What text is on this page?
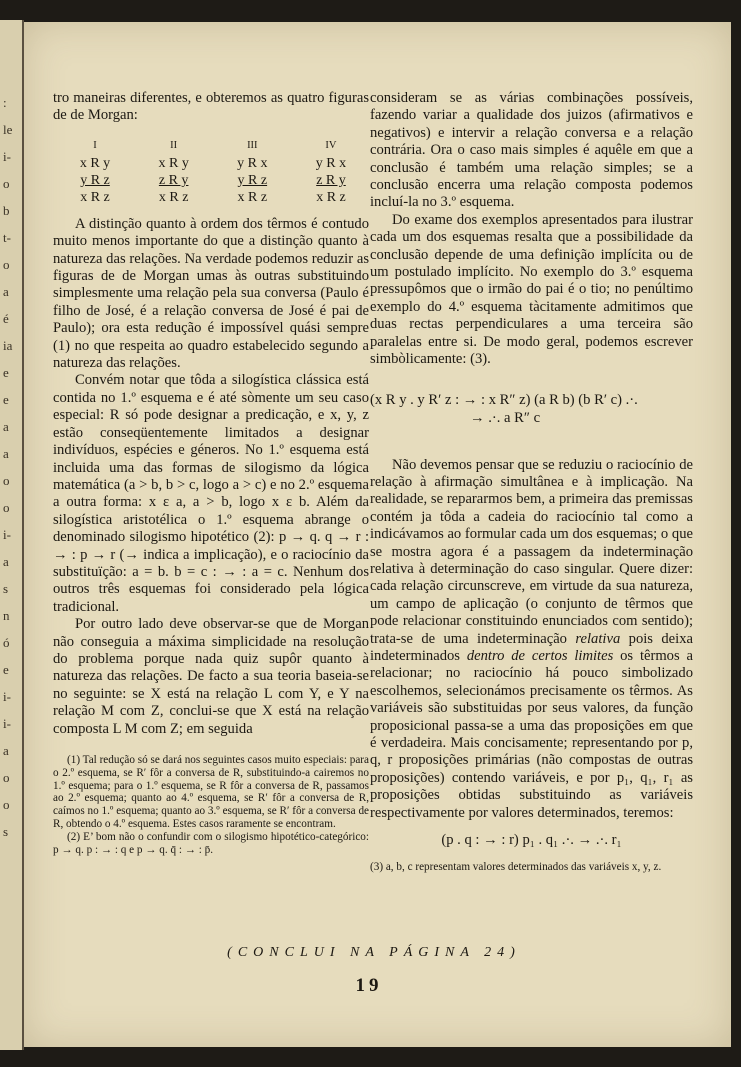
:
le
i-
o
b
t-
o
a
é
ia
e
e
a
a
o
o
i-
a
s
n
ó
e
i-
i-
a
o
o
s

tro maneiras diferentes, e obteremos as quatro figuras de de Morgan:

I
x R y
y R z
x R z
II
x R y
z R y
x R z
III
y R x
y R z
x R z
IV
y R x
z R y
x R z

A distinção quanto à ordem dos têrmos é contudo muito menos importante do que a distinção quanto à natureza das relações. Na verdade podemos reduzir as figuras de de Morgan umas às outras substituindo simplesmente uma relação pela sua conversa (Paulo é filho de José, é a relação conversa de José é pai de Paulo); ora esta redução é impossível quási sempre (1) no que respeita ao quadro estabelecido segundo a natureza das relações.

Convém notar que tôda a silogística clássica está contida no 1.º esquema e é até sòmente um seu caso especial: R só pode designar a predicação, e x, y, z estão conseqüentemente limitados a designar indivíduos, espécies e géneros. No 1.º esquema está incluida uma das formas de silogismo da lógica matemática (a > b, b > c, logo a > c) e no 2.º esquema a outra forma: x ε a, a > b, logo x ε b. Além da silogística aristotélica o 1.º esquema abrange o denominado silogismo hipotético (2): p → q. q → r : → : p → r (→ indica a implicação), e o raciocínio da substituïção: a = b. b = c : → : a = c. Nenhum dos outros três esquemas foi considerado pela lógica tradicional.

Por outro lado deve observar-se que de Morgan não conseguia a máxima simplicidade na resolução do problema porque nada quiz supôr quanto à natureza das relações. De facto a sua teoria baseia-se no seguinte: se X está na relação L com Y, e Y na relação M com Z, conclui-se que X está na relação composta L M com Z; em seguida

(1) Tal redução só se dará nos seguintes casos muito especiais: para o 2.º esquema, se R′ fôr a conversa de R, substituindo-a cairemos no 1.º esquema; para o 1.º esquema, se R fôr a conversa de R, passamos ao 2.º esquema; quanto ao 4.º esquema, se R′ fôr a conversa de R, caímos no 1.º esquema; quanto ao 3.º esquema, se R′ fôr a conversa de R, obtendo o 4.º esquema. Estes casos raramente se encontram.

(2) E’ bom não o confundir com o silogismo hipotético-categórico: p → q. p : → : q e p → q. q̄ : → : p̄.

consideram se as várias combinações possíveis, fazendo variar a qualidade dos juizos (afirmativos e negativos) e intervir a relação conversa e a relação contrária. Ora o caso mais simples é aquêle em que a conclusão é também uma relação simples; se a conclusão encerra uma relação composta podemos incluí-la no 3.º esquema.

Do exame dos exemplos apresentados para ilustrar cada um dos esquemas resalta que a possibilidade da conclusão depende de uma definição implícita ou de um postulado implícito. No exemplo do 3.º esquema pressupômos que o irmão do pai é o tio; no penúltimo exemplo do 4.º esquema tàcitamente admitimos que duas rectas perpendiculares a uma terceira são paralelas entre si. De modo geral, podemos escrever simbòlicamente: (3).

(x R y . y R′ z : → : x R″ z) (a R b) (b R′ c) .·.
→ .·. a R″ c

Não devemos pensar que se reduziu o raciocínio de relação à afirmação simultânea e à implicação. Na realidade, se repararmos bem, a primeira das premissas contém ja tôda a cadeia do raciocínio tal como a indicávamos ao formular cada um dos esquemas; o que se mostra agora é a passagem da indeterminação relativa à determinação do caso singular. Quere dizer: cada relação circunscreve, em virtude da sua natureza, um campo de aplicação (o conjunto de têrmos que pode relacionar constituindo enunciados com sentido); trata-se de uma indeterminação relativa pois deixa indeterminados dentro de certos limites os têrmos a relacionar; no raciocínio há pouco simbolizado escolhemos, selecionámos precisamente os têrmos. As variáveis são substituidas por seus valores, da função proposicional passa-se a uma das proposições em que é verdadeira. Mais concisamente; representando por p, q, r proposições primárias (não compostas de outras proposições) contendo variáveis, e por p₁, q₁, r₁ as proposições obtidas substituindo as variáveis respectivamente por valores determinados, teremos:

(p . q : → : r) p₁ . q₁ .·. → .·. r₁

(3) a, b, c representam valores determinados das variáveis x, y, z.

(CONCLUI NA PÁGINA 24)
19
